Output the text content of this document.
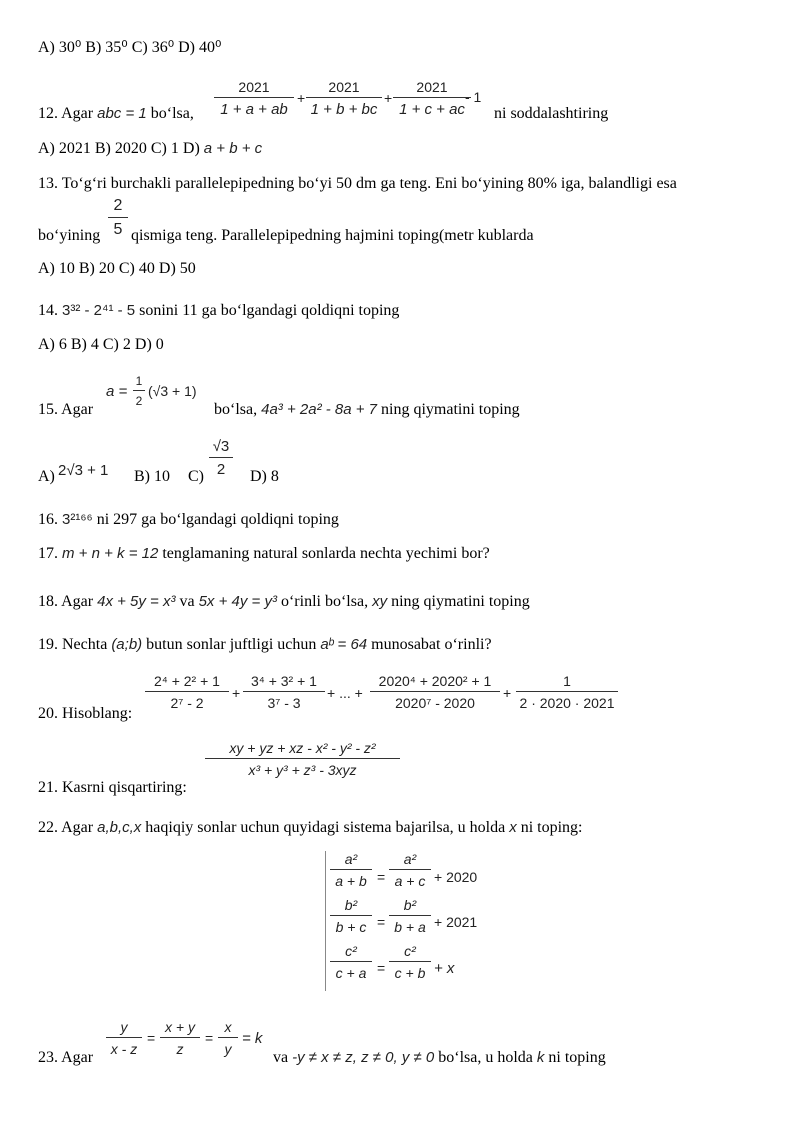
A) 30⁰ B) 35⁰ C) 36⁰ D) 40⁰
12. Agar abc = 1 bo‘lsa, $\frac{2021}{1 + a + ab} + \frac{2021}{1 + b + bc} + \frac{2021}{1 + c + ac}$
- 1
ni soddalashtiring
A) 2021 B) 2020 C) 1 D) a + b + c
13. To‘g‘ri burchakli parallelepipedning bo‘yi 50 dm ga teng. Eni bo‘yining 80% iga, balandligi esa
bo‘yining $\frac{2}{5}$ qismiga teng. Parallelepipedning hajmini toping(metr kublarda
A) 10 B) 20 C) 40 D) 50
14. 3³² - 2⁴¹ - 5 sonini 11 ga bo‘lgandagi qoldiqni toping
A) 6 B) 4 C) 2 D) 0
15. Agar
$a = \frac{1}{2} (√3 + 1)$
bo‘lsa, 4a³ + 2a² - 8a + 7 ning qiymatini toping
A) 2√3 + 1 B) 10 $C) \frac{√3}{2} D$) 8
16. 3²¹⁶⁶ ni 297 ga bo‘lgandagi qoldiqni toping
17. m + n + k = 12 tenglamaning natural sonlarda nechta yechimi bor?
18. Agar 4x + 5y = x³ va 5x + 4y = y³ o‘rinli bo‘lsa, xy ning qiymatini toping
19. Nechta (a;b) butun sonlar juftligi uchun aᵇ = 64 munosabat o‘rinli?
20. Hisoblang:
$\frac{\text{2⁴ + 2² + 1}}{\text{2⁷ - 2}} + \frac{\text{3⁴ + 3² + 1}}{\text{3⁷ - 3}}$ + ... + $\frac{\text{2020⁴ + 2020² + 1}}{\text{2020⁷ - 2020}} + \frac{1}{2 \cdot 2020 \cdot 2021}$
21. Kasrni qisqartiring:
xy + yz + xz - x² - y² - z²
x³ + y³ + z³ - 3xyz
22. Agar a,b,c,x haqiqiy sonlar uchun quyidagi sistema bajarilsa, u holda x ni toping:
$\frac{\text{a²}}{a + b} = \frac{\text{a²}}{a + c} + 2020$
$\frac{\text{b²}}{b + c} = \frac{\text{b²}}{b + a} + 2021$
$\frac{\text{c²}}{c + a} = \frac{\text{c²}}{c + b} + x$
23. Agar
$\frac{y}{x - z} = \frac{x + y}{z} = \frac{x}{y} = k$
va -y ≠ x ≠ z, z ≠ 0, y ≠ 0 bo‘lsa, u holda k ni toping
